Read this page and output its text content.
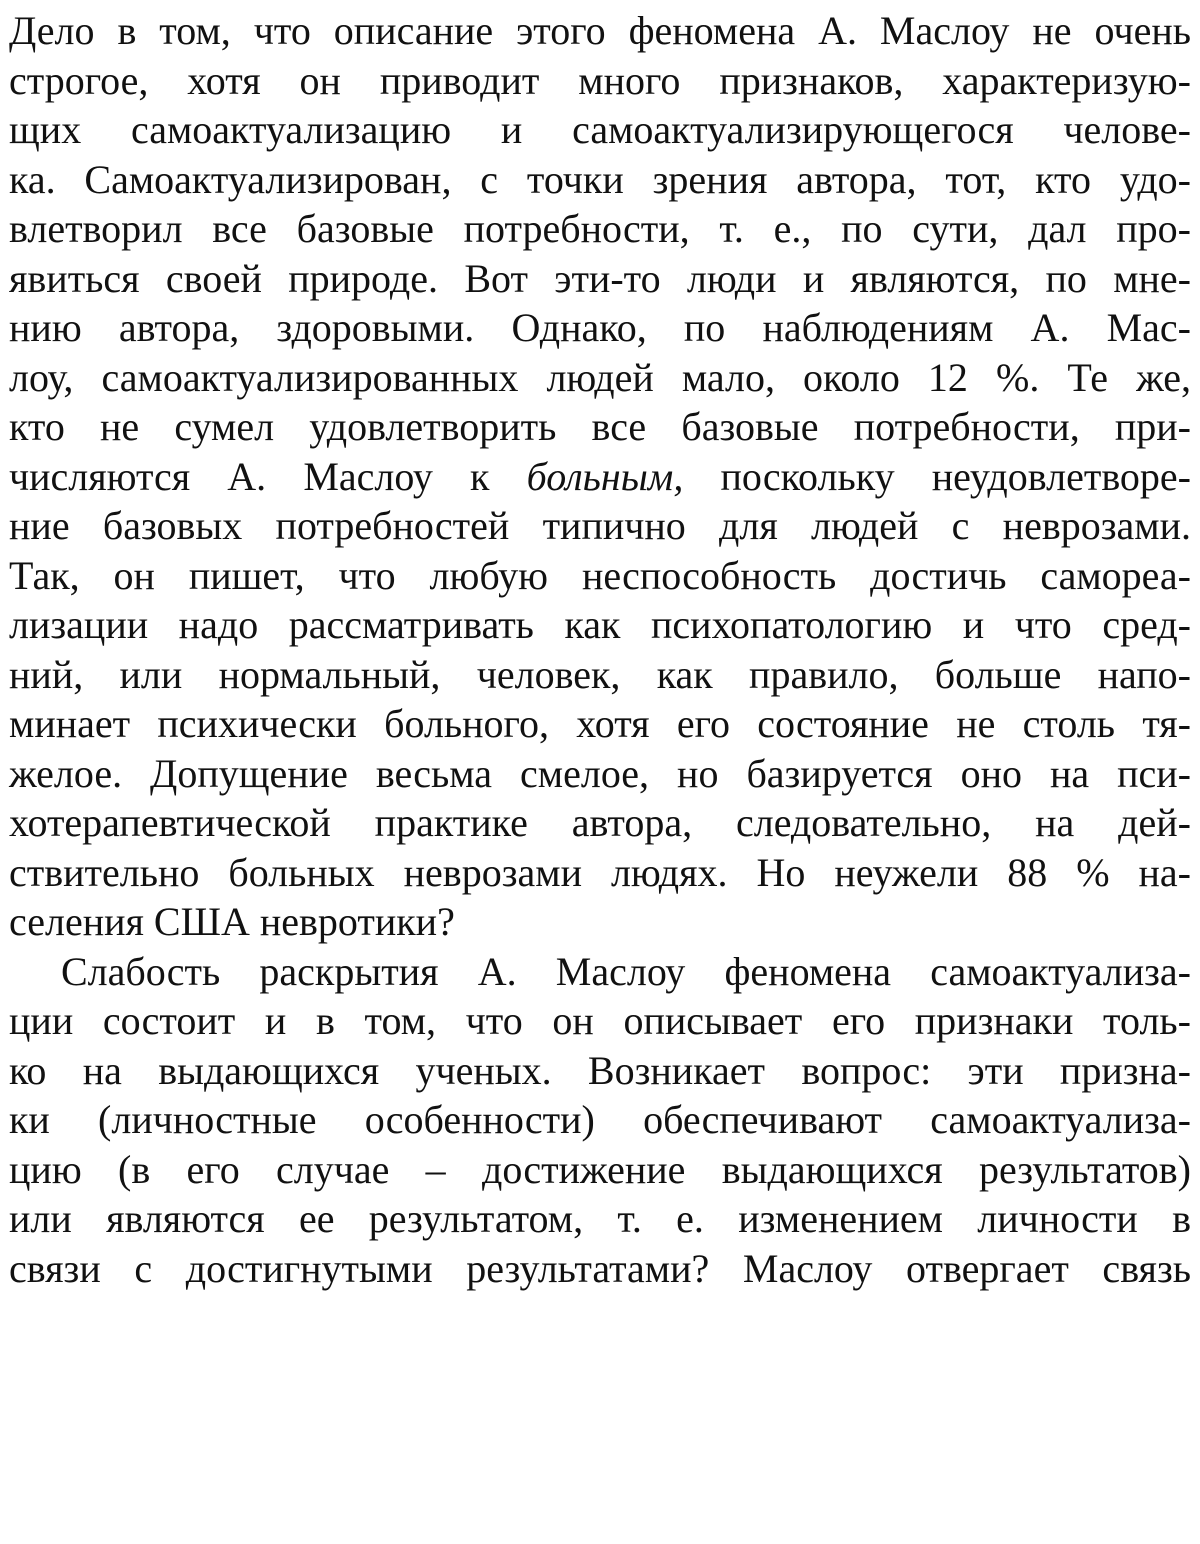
Дело в том, что описание этого феномена А. Маслоу не очень
строгое, хотя он приводит много признаков, характеризую-
щих самоактуализацию и самоактуализирующегося челове-
ка. Самоактуализирован, с точки зрения автора, тот, кто удо-
влетворил все базовые потребности, т. е., по сути, дал про-
явиться своей природе. Вот эти-то люди и являются, по мне-
нию автора, здоровыми. Однако, по наблюдениям А. Мас-
лоу, самоактуализированных людей мало, около 12 %. Те же,
кто не сумел удовлетворить все базовые потребности, при-
числяются А. Маслоу к больным, поскольку неудовлетворе-
ние базовых потребностей типично для людей с неврозами.
Так, он пишет, что любую неспособность достичь самореа-
лизации надо рассматривать как психопатологию и что сред-
ний, или нормальный, человек, как правило, больше напо-
минает психически больного, хотя его состояние не столь тя-
желое. Допущение весьма смелое, но базируется оно на пси-
хотерапевтической практике автора, следовательно, на дей-
ствительно больных неврозами людях. Но неужели 88 % на-
селения США невротики?

Слабость раскрытия А. Маслоу феномена самоактуализа-
ции состоит и в том, что он описывает его признаки толь-
ко на выдающихся ученых. Возникает вопрос: эти призна-
ки (личностные особенности) обеспечивают самоактуализа-
цию (в его случае – достижение выдающихся результатов)
или являются ее результатом, т. е. изменением личности в
связи с достигнутыми результатами? Маслоу отвергает связь
